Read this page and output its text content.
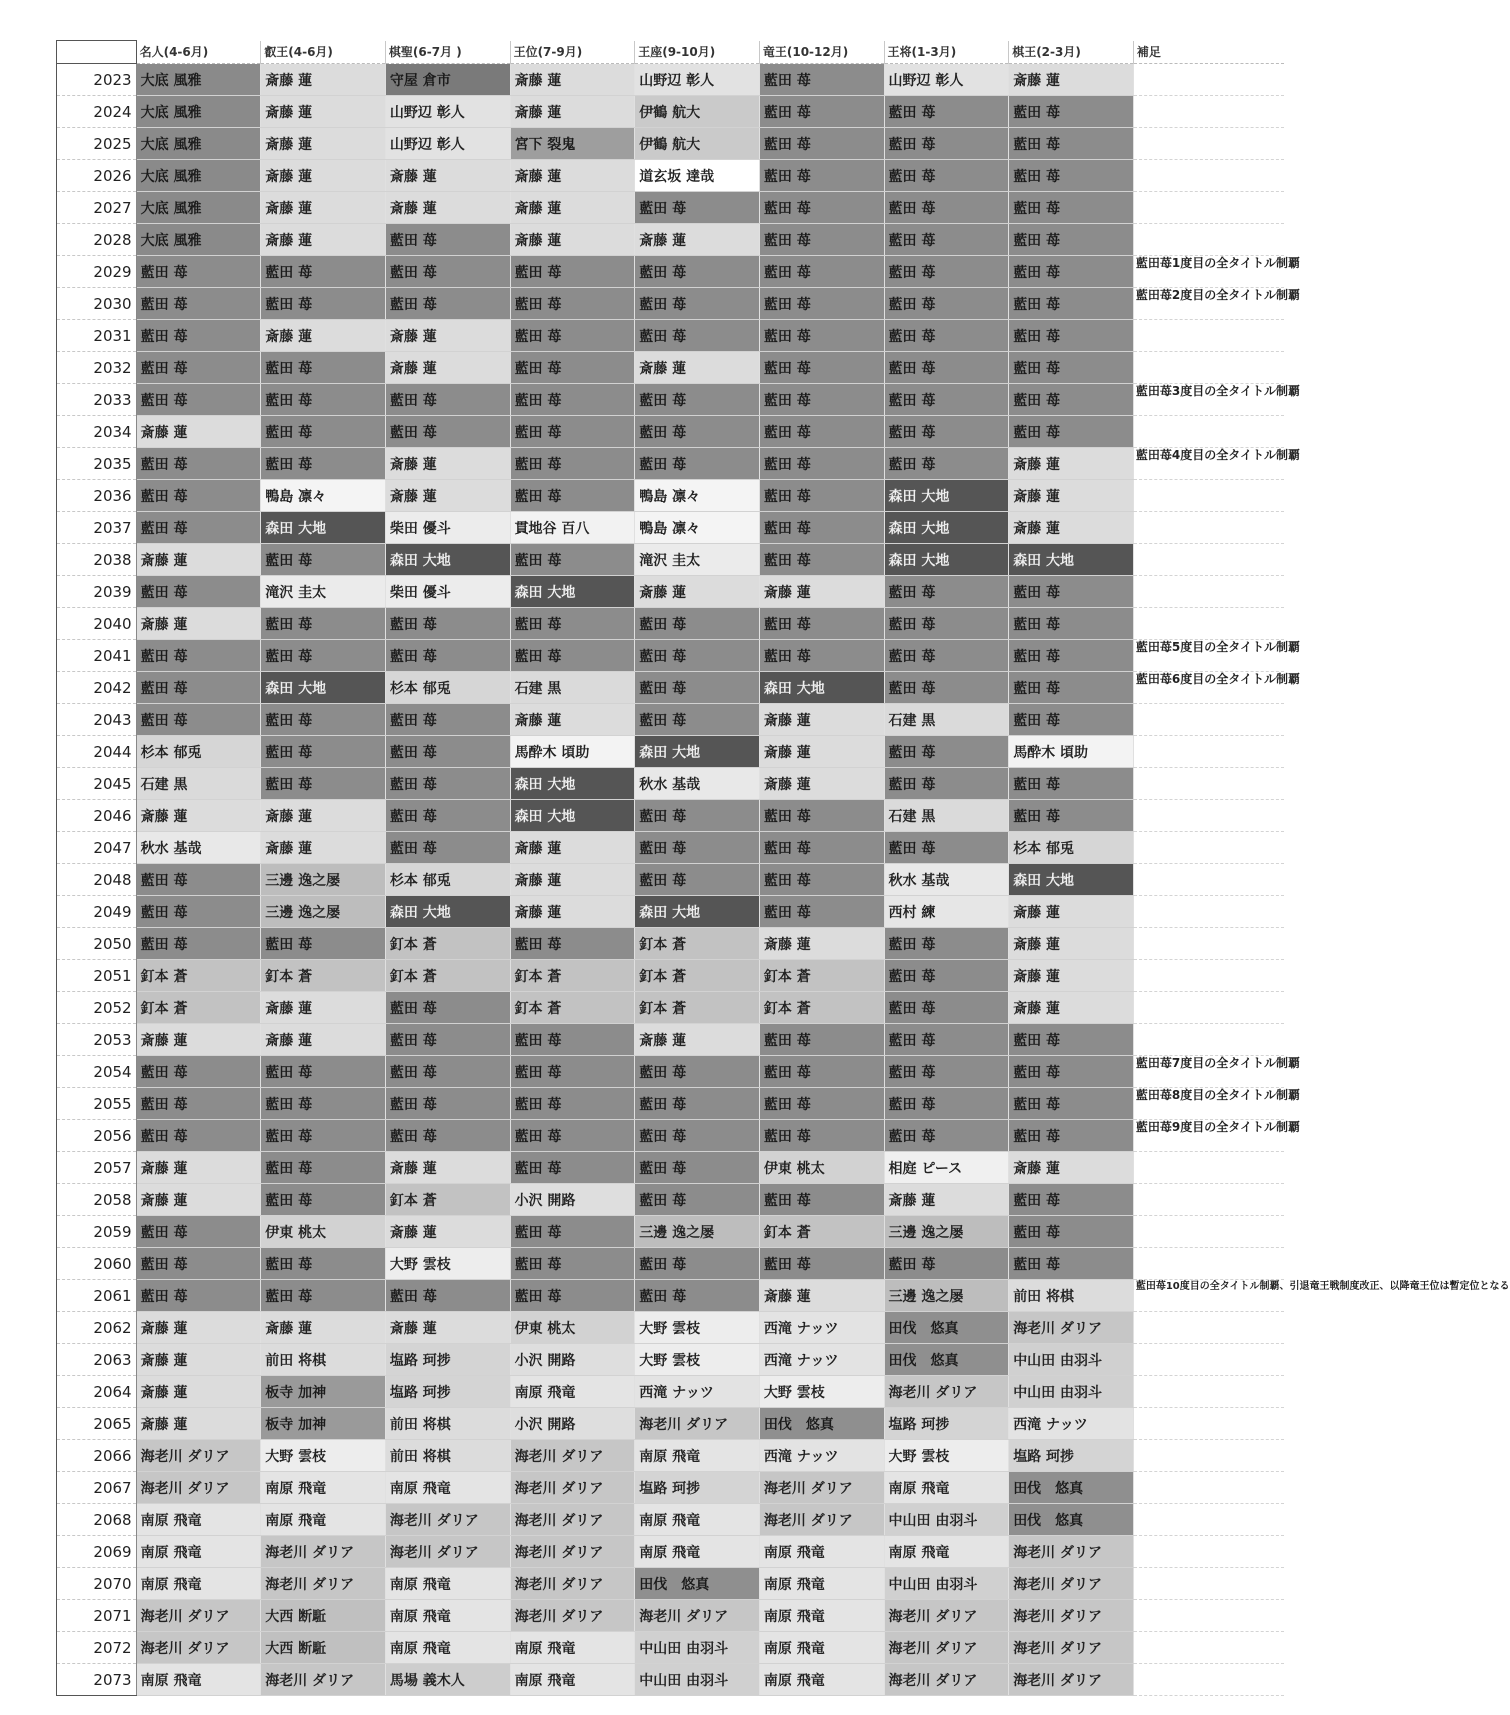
	名人(4-6月)	叡王(4-6月)	棋聖(6-7月 )	王位(7-9月)	王座(9-10月)	竜王(10-12月)	王将(1-3月)	棋王(2-3月)	補足
2023	大底 風雅	斎藤 蓮	守屋 倉市	斎藤 蓮	山野辺 彰人	藍田 苺	山野辺 彰人	斎藤 蓮	
2024	大底 風雅	斎藤 蓮	山野辺 彰人	斎藤 蓮	伊鶴 航大	藍田 苺	藍田 苺	藍田 苺	
2025	大底 風雅	斎藤 蓮	山野辺 彰人	宮下 裂鬼	伊鶴 航大	藍田 苺	藍田 苺	藍田 苺	
2026	大底 風雅	斎藤 蓮	斎藤 蓮	斎藤 蓮	道玄坂 達哉	藍田 苺	藍田 苺	藍田 苺	
2027	大底 風雅	斎藤 蓮	斎藤 蓮	斎藤 蓮	藍田 苺	藍田 苺	藍田 苺	藍田 苺	
2028	大底 風雅	斎藤 蓮	藍田 苺	斎藤 蓮	斎藤 蓮	藍田 苺	藍田 苺	藍田 苺	
2029	藍田 苺	藍田 苺	藍田 苺	藍田 苺	藍田 苺	藍田 苺	藍田 苺	藍田 苺	藍田苺1度目の全タイトル制覇

2030	藍田 苺	藍田 苺	藍田 苺	藍田 苺	藍田 苺	藍田 苺	藍田 苺	藍田 苺	藍田苺2度目の全タイトル制覇

2031	藍田 苺	斎藤 蓮	斎藤 蓮	藍田 苺	藍田 苺	藍田 苺	藍田 苺	藍田 苺	
2032	藍田 苺	藍田 苺	斎藤 蓮	藍田 苺	斎藤 蓮	藍田 苺	藍田 苺	藍田 苺	
2033	藍田 苺	藍田 苺	藍田 苺	藍田 苺	藍田 苺	藍田 苺	藍田 苺	藍田 苺	藍田苺3度目の全タイトル制覇

2034	斎藤 蓮	藍田 苺	藍田 苺	藍田 苺	藍田 苺	藍田 苺	藍田 苺	藍田 苺	
2035	藍田 苺	藍田 苺	斎藤 蓮	藍田 苺	藍田 苺	藍田 苺	藍田 苺	斎藤 蓮	藍田苺4度目の全タイトル制覇

2036	藍田 苺	鴨島 凛々	斎藤 蓮	藍田 苺	鴨島 凛々	藍田 苺	森田 大地	斎藤 蓮	
2037	藍田 苺	森田 大地	柴田 優斗	貫地谷 百八	鴨島 凛々	藍田 苺	森田 大地	斎藤 蓮	
2038	斎藤 蓮	藍田 苺	森田 大地	藍田 苺	滝沢 圭太	藍田 苺	森田 大地	森田 大地	
2039	藍田 苺	滝沢 圭太	柴田 優斗	森田 大地	斎藤 蓮	斎藤 蓮	藍田 苺	藍田 苺	
2040	斎藤 蓮	藍田 苺	藍田 苺	藍田 苺	藍田 苺	藍田 苺	藍田 苺	藍田 苺	
2041	藍田 苺	藍田 苺	藍田 苺	藍田 苺	藍田 苺	藍田 苺	藍田 苺	藍田 苺	藍田苺5度目の全タイトル制覇

2042	藍田 苺	森田 大地	杉本 郁兎	石建 黒	藍田 苺	森田 大地	藍田 苺	藍田 苺	藍田苺6度目の全タイトル制覇

2043	藍田 苺	藍田 苺	藍田 苺	斎藤 蓮	藍田 苺	斎藤 蓮	石建 黒	藍田 苺	
2044	杉本 郁兎	藍田 苺	藍田 苺	馬酔木 頃助	森田 大地	斎藤 蓮	藍田 苺	馬酔木 頃助	
2045	石建 黒	藍田 苺	藍田 苺	森田 大地	秋水 基哉	斎藤 蓮	藍田 苺	藍田 苺	
2046	斎藤 蓮	斎藤 蓮	藍田 苺	森田 大地	藍田 苺	藍田 苺	石建 黒	藍田 苺	
2047	秋水 基哉	斎藤 蓮	藍田 苺	斎藤 蓮	藍田 苺	藍田 苺	藍田 苺	杉本 郁兎	
2048	藍田 苺	三邊 逸之屡	杉本 郁兎	斎藤 蓮	藍田 苺	藍田 苺	秋水 基哉	森田 大地	
2049	藍田 苺	三邊 逸之屡	森田 大地	斎藤 蓮	森田 大地	藍田 苺	西村 練	斎藤 蓮	
2050	藍田 苺	藍田 苺	釘本 蒼	藍田 苺	釘本 蒼	斎藤 蓮	藍田 苺	斎藤 蓮	
2051	釘本 蒼	釘本 蒼	釘本 蒼	釘本 蒼	釘本 蒼	釘本 蒼	藍田 苺	斎藤 蓮	
2052	釘本 蒼	斎藤 蓮	藍田 苺	釘本 蒼	釘本 蒼	釘本 蒼	藍田 苺	斎藤 蓮	
2053	斎藤 蓮	斎藤 蓮	藍田 苺	藍田 苺	斎藤 蓮	藍田 苺	藍田 苺	藍田 苺	
2054	藍田 苺	藍田 苺	藍田 苺	藍田 苺	藍田 苺	藍田 苺	藍田 苺	藍田 苺	藍田苺7度目の全タイトル制覇

2055	藍田 苺	藍田 苺	藍田 苺	藍田 苺	藍田 苺	藍田 苺	藍田 苺	藍田 苺	藍田苺8度目の全タイトル制覇

2056	藍田 苺	藍田 苺	藍田 苺	藍田 苺	藍田 苺	藍田 苺	藍田 苺	藍田 苺	藍田苺9度目の全タイトル制覇

2057	斎藤 蓮	藍田 苺	斎藤 蓮	藍田 苺	藍田 苺	伊東 桃太	相庭 ピース	斎藤 蓮	
2058	斎藤 蓮	藍田 苺	釘本 蒼	小沢 開路	藍田 苺	藍田 苺	斎藤 蓮	藍田 苺	
2059	藍田 苺	伊東 桃太	斎藤 蓮	藍田 苺	三邊 逸之屡	釘本 蒼	三邊 逸之屡	藍田 苺	
2060	藍田 苺	藍田 苺	大野 雲枝	藍田 苺	藍田 苺	藍田 苺	藍田 苺	藍田 苺	
2061	藍田 苺	藍田 苺	藍田 苺	藍田 苺	藍田 苺	斎藤 蓮	三邊 逸之屡	前田 将棋	藍田苺10度目の全タイトル制覇、引退竜王戦制度改正、以降竜王位は暫定位となる

2062	斎藤 蓮	斎藤 蓮	斎藤 蓮	伊東 桃太	大野 雲枝	西滝 ナッツ	田伐　悠真	海老川 ダリア	
2063	斎藤 蓮	前田 将棋	塩路 珂捗	小沢 開路	大野 雲枝	西滝 ナッツ	田伐　悠真	中山田 由羽斗	
2064	斎藤 蓮	板寺 加神	塩路 珂捗	南原 飛竜	西滝 ナッツ	大野 雲枝	海老川 ダリア	中山田 由羽斗	
2065	斎藤 蓮	板寺 加神	前田 将棋	小沢 開路	海老川 ダリア	田伐　悠真	塩路 珂捗	西滝 ナッツ	
2066	海老川 ダリア	大野 雲枝	前田 将棋	海老川 ダリア	南原 飛竜	西滝 ナッツ	大野 雲枝	塩路 珂捗	
2067	海老川 ダリア	南原 飛竜	南原 飛竜	海老川 ダリア	塩路 珂捗	海老川 ダリア	南原 飛竜	田伐　悠真	
2068	南原 飛竜	南原 飛竜	海老川 ダリア	海老川 ダリア	南原 飛竜	海老川 ダリア	中山田 由羽斗	田伐　悠真	
2069	南原 飛竜	海老川 ダリア	海老川 ダリア	海老川 ダリア	南原 飛竜	南原 飛竜	南原 飛竜	海老川 ダリア	
2070	南原 飛竜	海老川 ダリア	南原 飛竜	海老川 ダリア	田伐　悠真	南原 飛竜	中山田 由羽斗	海老川 ダリア	
2071	海老川 ダリア	大西 断駈	南原 飛竜	海老川 ダリア	海老川 ダリア	南原 飛竜	海老川 ダリア	海老川 ダリア	
2072	海老川 ダリア	大西 断駈	南原 飛竜	南原 飛竜	中山田 由羽斗	南原 飛竜	海老川 ダリア	海老川 ダリア	
2073	南原 飛竜	海老川 ダリア	馬場 義木人	南原 飛竜	中山田 由羽斗	南原 飛竜	海老川 ダリア	海老川 ダリア	
